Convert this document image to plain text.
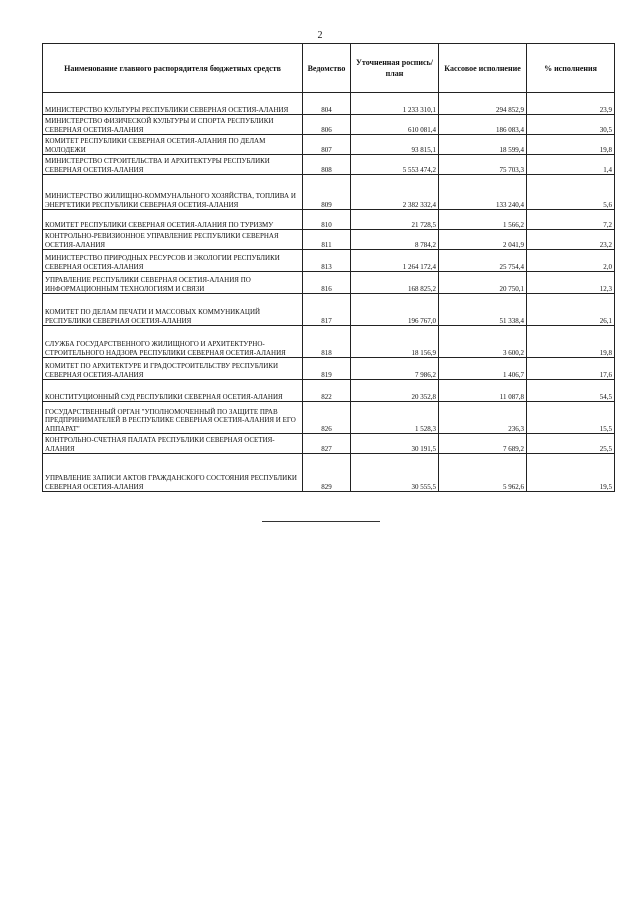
2
Наименование главного распорядителя бюджетных средств	Ведомство	Уточненная роспись/план	Кассовое исполнение	% исполнения
МИНИСТЕРСТВО КУЛЬТУРЫ РЕСПУБЛИКИ СЕВЕРНАЯ ОСЕТИЯ-АЛАНИЯ	804	1 233 310,1	294 852,9	23,9
МИНИСТЕРСТВО ФИЗИЧЕСКОЙ КУЛЬТУРЫ И СПОРТА РЕСПУБЛИКИ СЕВЕРНАЯ ОСЕТИЯ-АЛАНИЯ	806	610 081,4	186 083,4	30,5
КОМИТЕТ РЕСПУБЛИКИ СЕВЕРНАЯ ОСЕТИЯ-АЛАНИЯ ПО ДЕЛАМ МОЛОДЕЖИ	807	93 815,1	18 599,4	19,8
МИНИСТЕРСТВО СТРОИТЕЛЬСТВА И АРХИТЕКТУРЫ РЕСПУБЛИКИ СЕВЕРНАЯ ОСЕТИЯ-АЛАНИЯ	808	5 553 474,2	75 703,3	1,4
МИНИСТЕРСТВО ЖИЛИЩНО-КОММУНАЛЬНОГО ХОЗЯЙСТВА, ТОПЛИВА И ЭНЕРГЕТИКИ РЕСПУБЛИКИ СЕВЕРНАЯ ОСЕТИЯ-АЛАНИЯ	809	2 382 332,4	133 240,4	5,6
КОМИТЕТ РЕСПУБЛИКИ СЕВЕРНАЯ ОСЕТИЯ-АЛАНИЯ ПО ТУРИЗМУ	810	21 728,5	1 566,2	7,2
КОНТРОЛЬНО-РЕВИЗИОННОЕ УПРАВЛЕНИЕ РЕСПУБЛИКИ СЕВЕРНАЯ ОСЕТИЯ-АЛАНИЯ	811	8 784,2	2 041,9	23,2
МИНИСТЕРСТВО ПРИРОДНЫХ РЕСУРСОВ И ЭКОЛОГИИ РЕСПУБЛИКИ СЕВЕРНАЯ ОСЕТИЯ-АЛАНИЯ	813	1 264 172,4	25 754,4	2,0
УПРАВЛЕНИЕ РЕСПУБЛИКИ СЕВЕРНАЯ ОСЕТИЯ-АЛАНИЯ ПО ИНФОРМАЦИОННЫМ ТЕХНОЛОГИЯМ И СВЯЗИ	816	168 825,2	20 750,1	12,3
КОМИТЕТ ПО ДЕЛАМ ПЕЧАТИ И МАССОВЫХ КОММУНИКАЦИЙ РЕСПУБЛИКИ СЕВЕРНАЯ ОСЕТИЯ-АЛАНИЯ	817	196 767,0	51 338,4	26,1
СЛУЖБА ГОСУДАРСТВЕННОГО ЖИЛИЩНОГО И АРХИТЕКТУРНО-СТРОИТЕЛЬНОГО НАДЗОРА РЕСПУБЛИКИ СЕВЕРНАЯ ОСЕТИЯ-АЛАНИЯ	818	18 156,9	3 600,2	19,8
КОМИТЕТ ПО АРХИТЕКТУРЕ И ГРАДОСТРОИТЕЛЬСТВУ РЕСПУБЛИКИ СЕВЕРНАЯ ОСЕТИЯ-АЛАНИЯ	819	7 986,2	1 406,7	17,6
КОНСТИТУЦИОННЫЙ СУД РЕСПУБЛИКИ СЕВЕРНАЯ ОСЕТИЯ-АЛАНИЯ	822	20 352,8	11 087,8	54,5
ГОСУДАРСТВЕННЫЙ ОРГАН "УПОЛНОМОЧЕННЫЙ ПО ЗАЩИТЕ ПРАВ ПРЕДПРИНИМАТЕЛЕЙ В РЕСПУБЛИКЕ СЕВЕРНАЯ ОСЕТИЯ-АЛАНИЯ И ЕГО АППАРАТ"	826	1 528,3	236,3	15,5
КОНТРОЛЬНО-СЧЕТНАЯ ПАЛАТА РЕСПУБЛИКИ СЕВЕРНАЯ ОСЕТИЯ-АЛАНИЯ	827	30 191,5	7 689,2	25,5
УПРАВЛЕНИЕ ЗАПИСИ АКТОВ ГРАЖДАНСКОГО СОСТОЯНИЯ РЕСПУБЛИКИ СЕВЕРНАЯ ОСЕТИЯ-АЛАНИЯ	829	30 555,5	5 962,6	19,5
